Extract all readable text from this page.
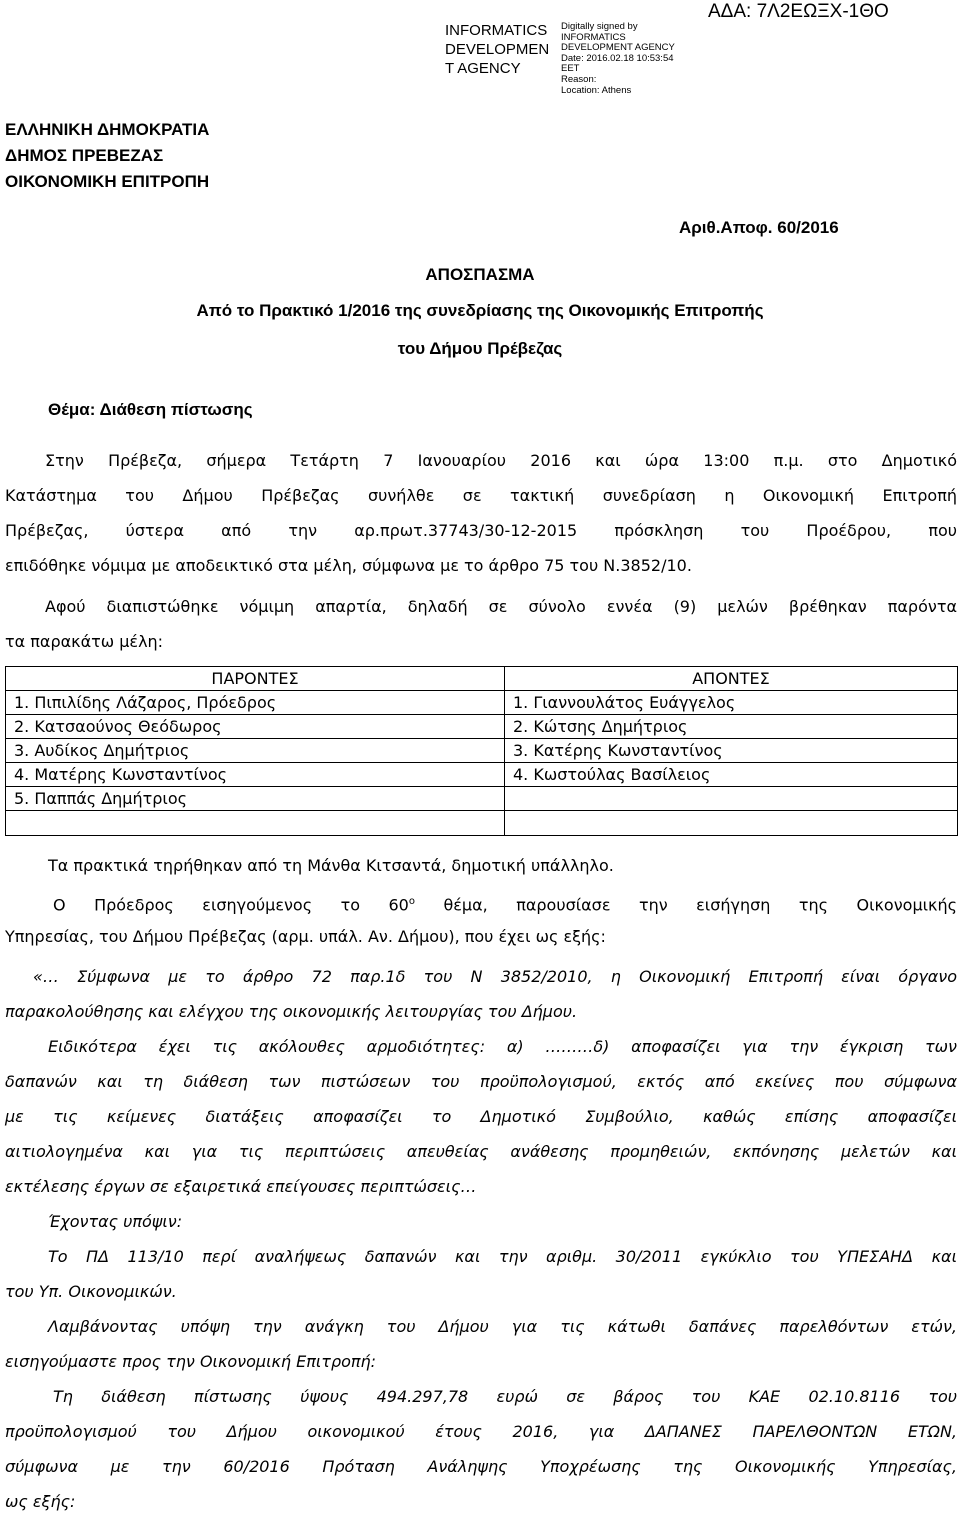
INFORMATICS
DEVELOPMEN
T AGENCY
Digitally signed by
INFORMATICS
DEVELOPMENT AGENCY
Date: 2016.02.18 10:53:54
EET
Reason:
Location: Athens
ΑΔΑ: 7Λ2ΕΩΞΧ-1ΘΟ
ΕΛΛΗΝΙΚΗ ΔΗΜΟΚΡΑΤΙΑ
ΔΗΜΟΣ ΠΡΕΒΕΖΑΣ
ΟΙΚΟΝΟΜΙΚΗ ΕΠΙΤΡΟΠΗ
Αριθ.Αποφ. 60/2016
ΑΠΟΣΠΑΣΜΑ
Από το Πρακτικό 1/2016 της συνεδρίασης της Οικονομικής Επιτροπής
του Δήμου Πρέβεζας
Θέμα: Διάθεση πίστωσης
Στην Πρέβεζα, σήμερα Τετάρτη 7 Ιανουαρίου 2016 και ώρα 13:00 π.μ. στο Δημοτικό
Κατάστημα του Δήμου Πρέβεζας συνήλθε σε τακτική συνεδρίαση η Οικονομική Επιτροπή
Πρέβεζας, ύστερα από την αρ.πρωτ.37743/30-12-2015 πρόσκληση του Προέδρου, που
επιδόθηκε νόμιμα με αποδεικτικό στα μέλη, σύμφωνα με το άρθρο 75 του Ν.3852/10.
Αφού διαπιστώθηκε νόμιμη απαρτία, δηλαδή σε σύνολο εννέα (9) μελών βρέθηκαν παρόντα
τα παρακάτω μέλη:
ΠΑΡΟΝΤΕΣ	ΑΠΟΝΤΕΣ
1. Πιπιλίδης Λάζαρος, Πρόεδρος	1. Γιαννουλάτος Ευάγγελος
2. Κατσαούνος Θεόδωρος	2. Κώτσης Δημήτριος
3. Αυδίκος Δημήτριος	3. Κατέρης Κωνσταντίνος
4. Ματέρης Κωνσταντίνος	4. Κωστούλας Βασίλειος
5. Παππάς Δημήτριος	

Τα πρακτικά τηρήθηκαν από τη Μάνθα Κιτσαντά, δημοτική υπάλληλο.
Ο Πρόεδρος εισηγούμενος το $60^o$ θέμα, παρουσίασε την εισήγηση της Οικονομικής
Υπηρεσίας, του Δήμου Πρέβεζας (αρμ. υπάλ. Αν. Δήμου), που έχει ως εξής:
«… Σύμφωνα με το άρθρο 72 παρ.1δ του Ν 3852/2010, η Οικονομική Επιτροπή είναι όργανο
παρακολούθησης και ελέγχου της οικονομικής λειτουργίας του Δήμου.
Ειδικότερα έχει τις ακόλουθες αρμοδιότητες: α) ………δ) αποφασίζει για την έγκριση των
δαπανών και τη διάθεση των πιστώσεων του προϋπολογισμού, εκτός από εκείνες που σύμφωνα
με τις κείμενες διατάξεις αποφασίζει το Δημοτικό Συμβούλιο, καθώς επίσης αποφασίζει
αιτιολογημένα και για τις περιπτώσεις απευθείας ανάθεσης προμηθειών, εκπόνησης μελετών και
εκτέλεσης έργων σε εξαιρετικά επείγουσες περιπτώσεις…
Έχοντας υπόψιν:
Το ΠΔ 113/10 περί αναλήψεως δαπανών και την αριθμ. 30/2011 εγκύκλιο του ΥΠΕΣΑΗΔ και
του Υπ. Οικονομικών.
Λαμβάνοντας υπόψη την ανάγκη του Δήμου για τις κάτωθι δαπάνες παρελθόντων ετών,
εισηγούμαστε προς την Οικονομική Επιτροπή:
Τη διάθεση πίστωσης ύψους 494.297,78 ευρώ σε βάρος του ΚΑΕ 02.10.8116 του
προϋπολογισμού του Δήμου οικονομικού έτους 2016, για ΔΑΠΑΝΕΣ ΠΑΡΕΛΘΟΝΤΩΝ ΕΤΩΝ,
σύμφωνα με την 60/2016 Πρόταση Ανάληψης Υποχρέωσης της Οικονομικής Υπηρεσίας,
ως εξής:
